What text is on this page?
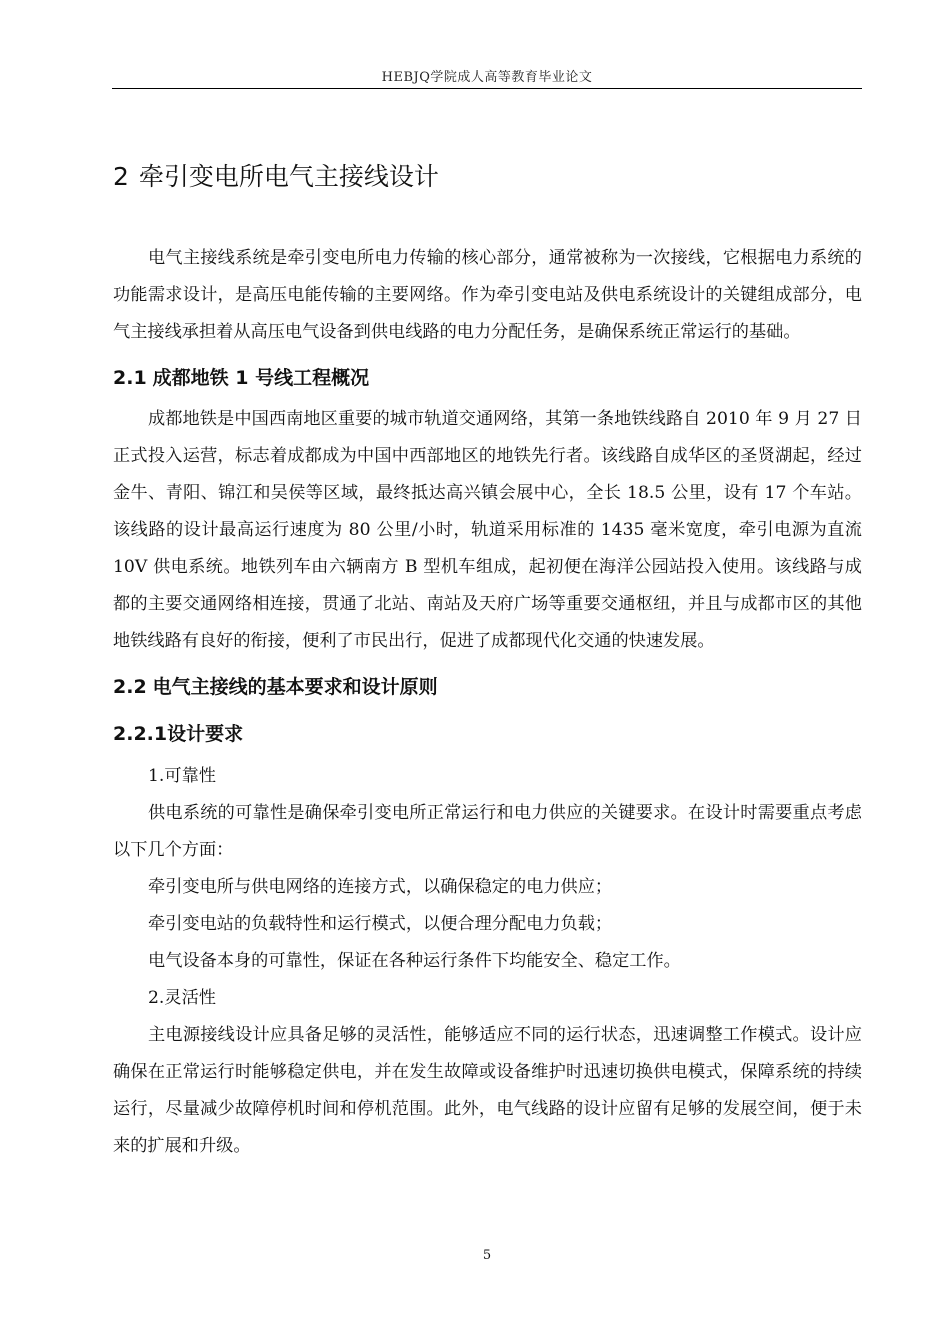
HEBJQ学院成人高等教育毕业论文
2 牵引变电所电气主接线设计

电气主接线系统是牵引变电所电力传输的核心部分，通常被称为一次接线，它根据电力系统的功能需求设计，是高压电能传输的主要网络。作为牵引变电站及供电系统设计的关键组成部分，电气主接线承担着从高压电气设备到供电线路的电力分配任务，是确保系统正常运行的基础。

2.1 成都地铁 1 号线工程概况

成都地铁是中国西南地区重要的城市轨道交通网络，其第一条地铁线路自 2010 年 9 月 27 日正式投入运营，标志着成都成为中国中西部地区的地铁先行者。该线路自成华区的圣贤湖起，经过金牛、青阳、锦江和吴侯等区域，最终抵达高兴镇会展中心，全长 18.5 公里，设有 17 个车站。该线路的设计最高运行速度为 80 公里/小时，轨道采用标准的 1435 毫米宽度，牵引电源为直流 10V 供电系统。地铁列车由六辆南方 B 型机车组成，起初便在海洋公园站投入使用。该线路与成都的主要交通网络相连接，贯通了北站、南站及天府广场等重要交通枢纽，并且与成都市区的其他地铁线路有良好的衔接，便利了市民出行，促进了成都现代化交通的快速发展。

2.2 电气主接线的基本要求和设计原则
2.2.1设计要求

1.可靠性

供电系统的可靠性是确保牵引变电所正常运行和电力供应的关键要求。在设计时需要重点考虑以下几个方面：

牵引变电所与供电网络的连接方式，以确保稳定的电力供应；

牵引变电站的负载特性和运行模式，以便合理分配电力负载；

电气设备本身的可靠性，保证在各种运行条件下均能安全、稳定工作。

2.灵活性

主电源接线设计应具备足够的灵活性，能够适应不同的运行状态，迅速调整工作模式。设计应确保在正常运行时能够稳定供电，并在发生故障或设备维护时迅速切换供电模式，保障系统的持续运行，尽量减少故障停机时间和停机范围。此外，电气线路的设计应留有足够的发展空间，便于未来的扩展和升级。

5
